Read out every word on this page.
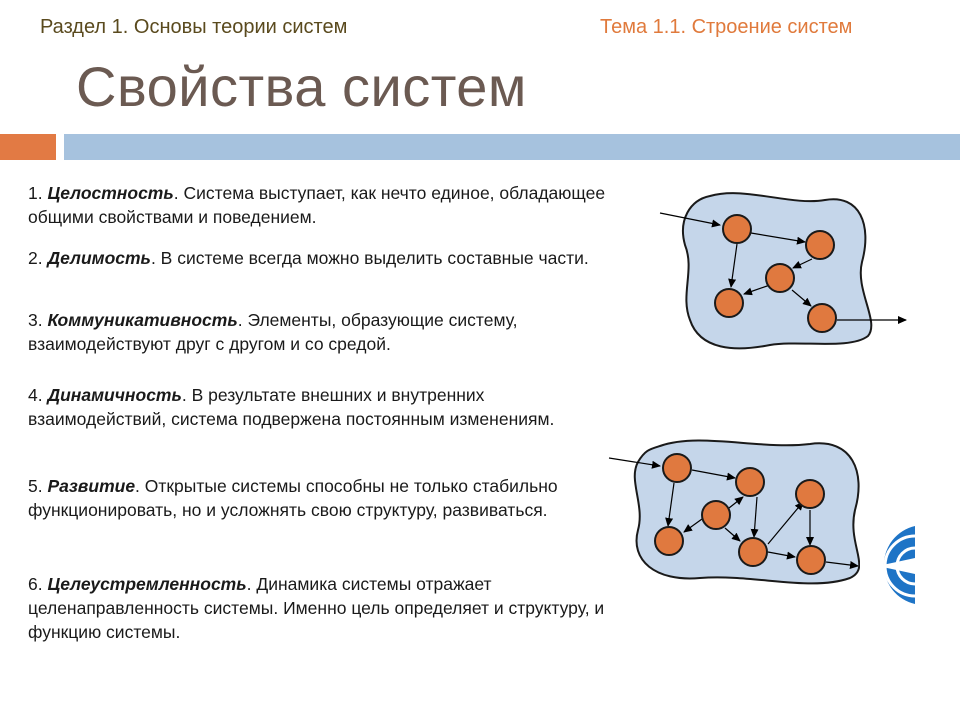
Раздел 1. Основы теории систем	Тема 1.1. Строение систем
Свойства систем
1. Целостность. Система выступает, как нечто единое, обладающее общими свойствами и поведением.
2. Делимость. В системе всегда можно выделить составные части.
3. Коммуникативность. Элементы, образующие систему, взаимодействуют друг с другом и со средой.
4. Динамичность. В результате внешних и внутренних взаимодействий, система подвержена постоянным изменениям.
5. Развитие. Открытые системы способны не только стабильно функционировать, но и усложнять свою структуру, развиваться.
6. Целеустремленность. Динамика системы отражает целенаправленность системы. Именно цель определяет и структуру, и функцию системы.
